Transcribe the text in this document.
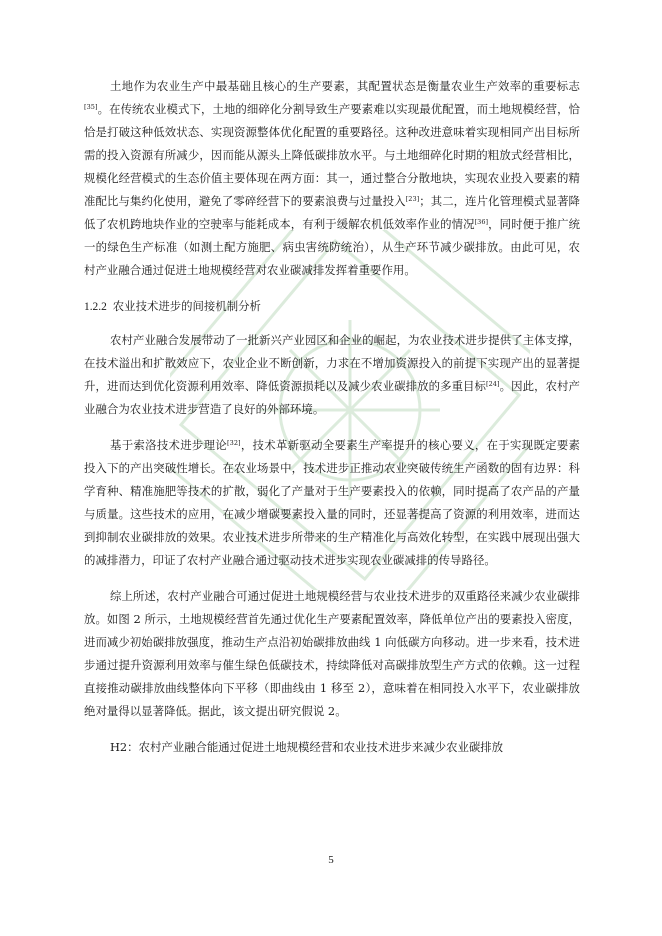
土地作为农业生产中最基础且核心的生产要素，其配置状态是衡量农业生产效率的重要标志[35]。在传统农业模式下，土地的细碎化分割导致生产要素难以实现最优配置，而土地规模经营，恰恰是打破这种低效状态、实现资源整体优化配置的重要路径。这种改进意味着实现相同产出目标所需的投入资源有所减少，因而能从源头上降低碳排放水平。与土地细碎化时期的粗放式经营相比，规模化经营模式的生态价值主要体现在两方面：其一，通过整合分散地块，实现农业投入要素的精准配比与集约化使用，避免了零碎经营下的要素浪费与过量投入[23]；其二，连片化管理模式显著降低了农机跨地块作业的空驶率与能耗成本，有利于缓解农机低效率作业的情况[36]，同时便于推广统一的绿色生产标准（如测土配方施肥、病虫害统防统治），从生产环节减少碳排放。由此可见，农村产业融合通过促进土地规模经营对农业碳减排发挥着重要作用。

1.2.2 农业技术进步的间接机制分析

农村产业融合发展带动了一批新兴产业园区和企业的崛起，为农业技术进步提供了主体支撑，在技术溢出和扩散效应下，农业企业不断创新，力求在不增加资源投入的前提下实现产出的显著提升，进而达到优化资源利用效率、降低资源损耗以及减少农业碳排放的多重目标[24]。因此，农村产业融合为农业技术进步营造了良好的外部环境。

基于索洛技术进步理论[32]，技术革新驱动全要素生产率提升的核心要义，在于实现既定要素投入下的产出突破性增长。在农业场景中，技术进步正推动农业突破传统生产函数的固有边界：科学育种、精准施肥等技术的扩散，弱化了产量对于生产要素投入的依赖，同时提高了农产品的产量与质量。这些技术的应用，在减少增碳要素投入量的同时，还显著提高了资源的利用效率，进而达到抑制农业碳排放的效果。农业技术进步所带来的生产精准化与高效化转型，在实践中展现出强大的减排潜力，印证了农村产业融合通过驱动技术进步实现农业碳减排的传导路径。

综上所述，农村产业融合可通过促进土地规模经营与农业技术进步的双重路径来减少农业碳排放。如图 2 所示，土地规模经营首先通过优化生产要素配置效率，降低单位产出的要素投入密度，进而减少初始碳排放强度，推动生产点沿初始碳排放曲线 1 向低碳方向移动。进一步来看，技术进步通过提升资源利用效率与催生绿色低碳技术，持续降低对高碳排放型生产方式的依赖。这一过程直接推动碳排放曲线整体向下平移（即曲线由 1 移至 2），意味着在相同投入水平下，农业碳排放绝对量得以显著降低。据此，该文提出研究假说 2。

H2：农村产业融合能通过促进土地规模经营和农业技术进步来减少农业碳排放

5
